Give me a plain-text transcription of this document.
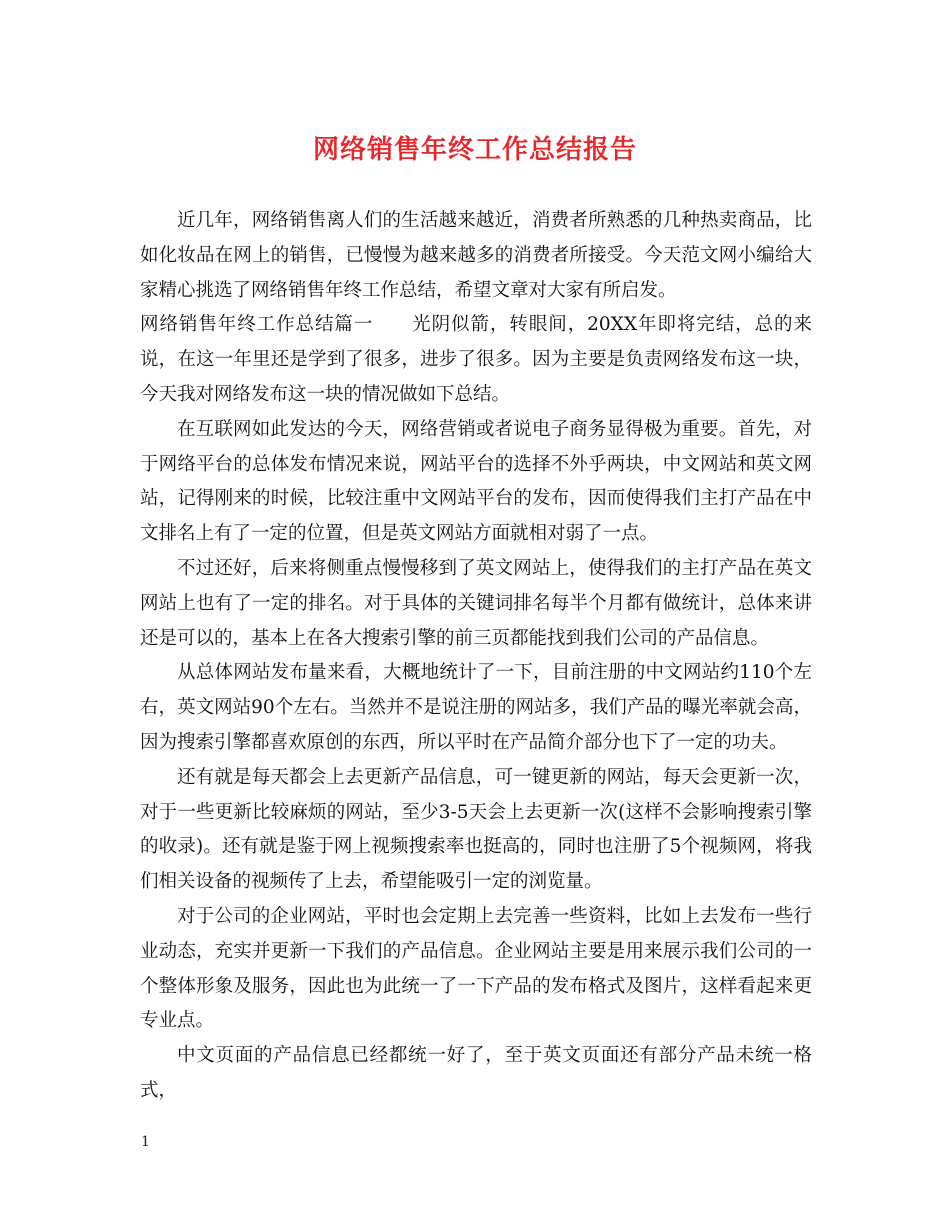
网络销售年终工作总结报告

近几年，网络销售离人们的生活越来越近，消费者所熟悉的几种热卖商品，比如化妆品在网上的销售，已慢慢为越来越多的消费者所接受。今天范文网小编给大家精心挑选了网络销售年终工作总结，希望文章对大家有所启发。

网络销售年终工作总结篇一　　光阴似箭，转眼间，20XX年即将完结，总的来说，在这一年里还是学到了很多，进步了很多。因为主要是负责网络发布这一块，今天我对网络发布这一块的情况做如下总结。

在互联网如此发达的今天，网络营销或者说电子商务显得极为重要。首先，对于网络平台的总体发布情况来说，网站平台的选择不外乎两块，中文网站和英文网站，记得刚来的时候，比较注重中文网站平台的发布，因而使得我们主打产品在中文排名上有了一定的位置，但是英文网站方面就相对弱了一点。

不过还好，后来将侧重点慢慢移到了英文网站上，使得我们的主打产品在英文网站上也有了一定的排名。对于具体的关键词排名每半个月都有做统计，总体来讲还是可以的，基本上在各大搜索引擎的前三页都能找到我们公司的产品信息。

从总体网站发布量来看，大概地统计了一下，目前注册的中文网站约110个左右，英文网站90个左右。当然并不是说注册的网站多，我们产品的曝光率就会高，因为搜索引擎都喜欢原创的东西，所以平时在产品简介部分也下了一定的功夫。

还有就是每天都会上去更新产品信息，可一键更新的网站，每天会更新一次，对于一些更新比较麻烦的网站，至少3-5天会上去更新一次(这样不会影响搜索引擎的收录)。还有就是鉴于网上视频搜索率也挺高的，同时也注册了5个视频网，将我们相关设备的视频传了上去，希望能吸引一定的浏览量。

对于公司的企业网站，平时也会定期上去完善一些资料，比如上去发布一些行业动态，充实并更新一下我们的产品信息。企业网站主要是用来展示我们公司的一个整体形象及服务，因此也为此统一了一下产品的发布格式及图片，这样看起来更专业点。

中文页面的产品信息已经都统一好了，至于英文页面还有部分产品未统一格式，

1
